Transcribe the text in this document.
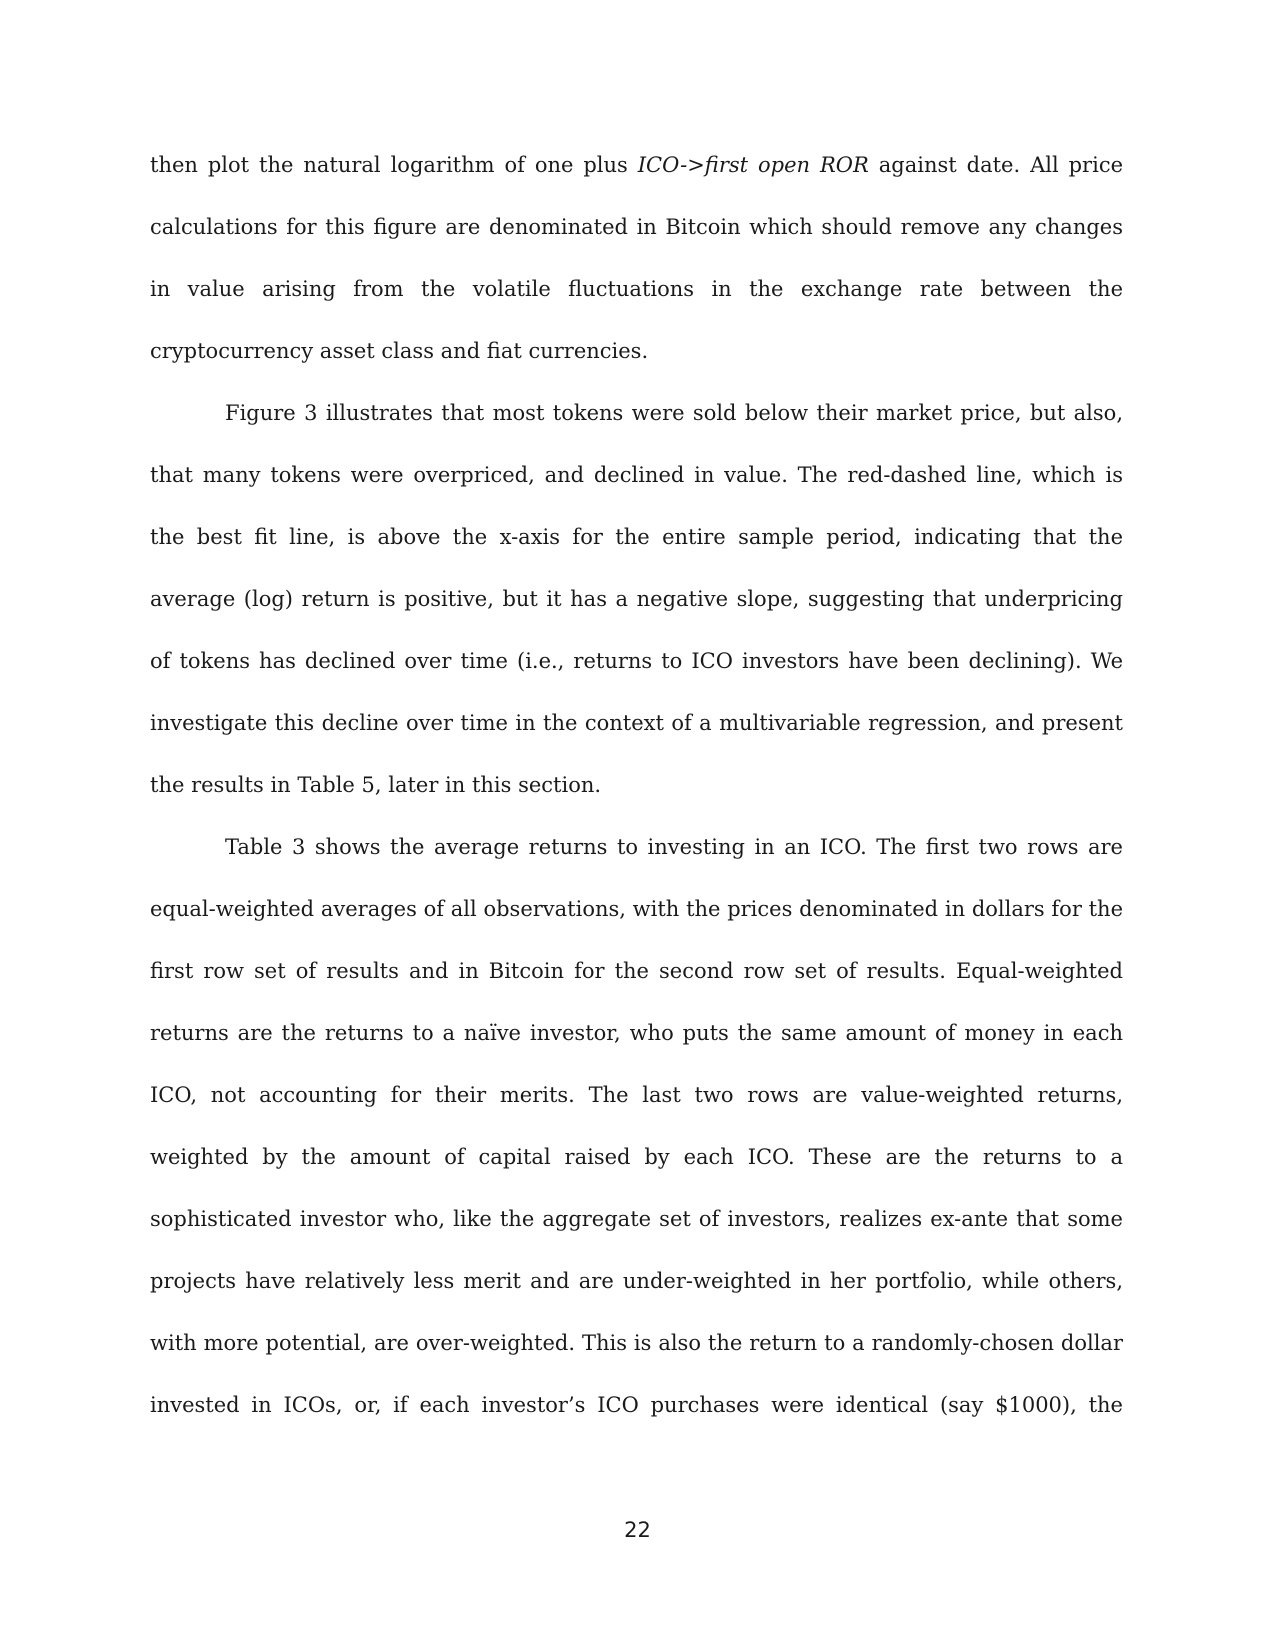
then plot the natural logarithm of one plus ICO->first open ROR against date. All price
calculations for this figure are denominated in Bitcoin which should remove any changes
in value arising from the volatile fluctuations in the exchange rate between the
cryptocurrency asset class and fiat currencies.
Figure 3 illustrates that most tokens were sold below their market price, but also,
that many tokens were overpriced, and declined in value. The red-dashed line, which is
the best fit line, is above the x-axis for the entire sample period, indicating that the
average (log) return is positive, but it has a negative slope, suggesting that underpricing
of tokens has declined over time (i.e., returns to ICO investors have been declining). We
investigate this decline over time in the context of a multivariable regression, and present
the results in Table 5, later in this section.
Table 3 shows the average returns to investing in an ICO. The first two rows are
equal-weighted averages of all observations, with the prices denominated in dollars for the
first row set of results and in Bitcoin for the second row set of results. Equal-weighted
returns are the returns to a naïve investor, who puts the same amount of money in each
ICO, not accounting for their merits. The last two rows are value-weighted returns,
weighted by the amount of capital raised by each ICO. These are the returns to a
sophisticated investor who, like the aggregate set of investors, realizes ex-ante that some
projects have relatively less merit and are under-weighted in her portfolio, while others,
with more potential, are over-weighted. This is also the return to a randomly-chosen dollar
invested in ICOs, or, if each investor’s ICO purchases were identical (say $1000), the
22
